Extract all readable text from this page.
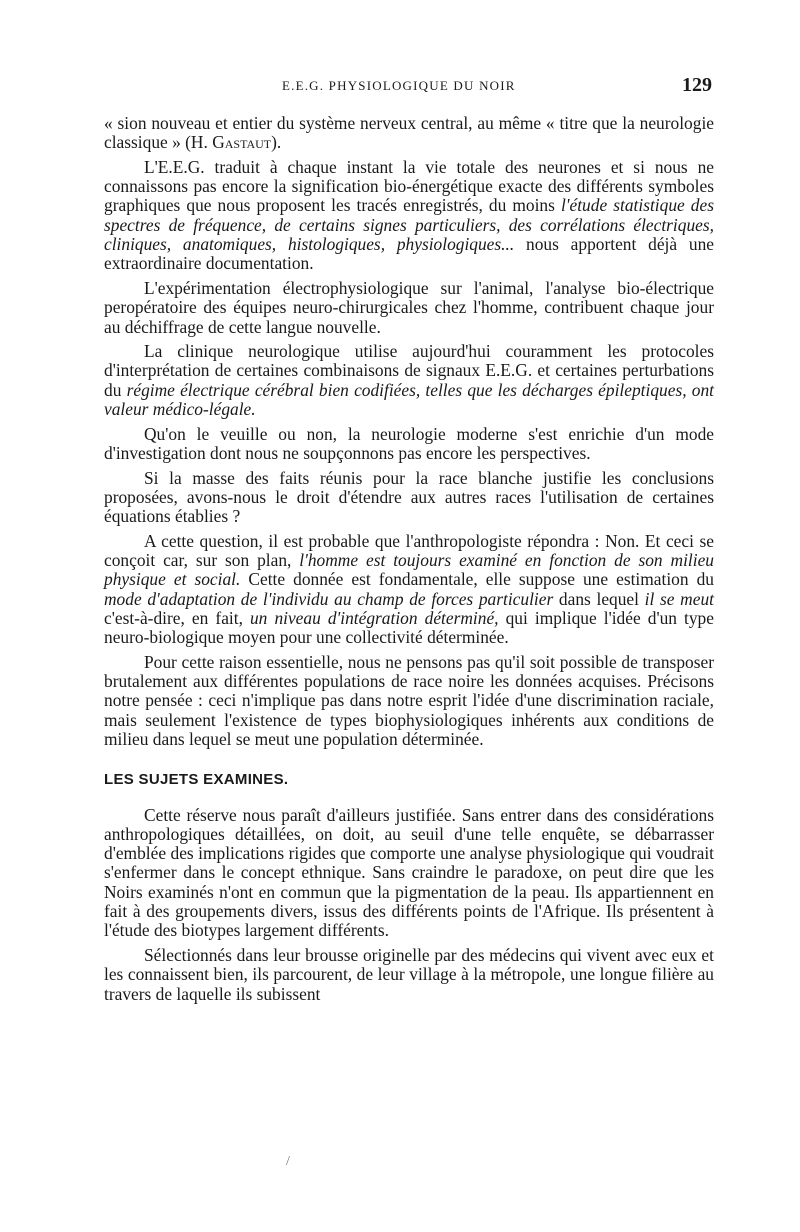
E.E.G. PHYSIOLOGIQUE DU NOIR	129

« sion nouveau et entier du système nerveux central, au même « titre que la neurologie classique » (H. Gastaut).

L'E.E.G. traduit à chaque instant la vie totale des neurones et si nous ne connaissons pas encore la signification bio-énergétique exacte des différents symboles graphiques que nous proposent les tracés enregistrés, du moins l'étude statistique des spectres de fréquence, de certains signes particuliers, des corrélations électriques, cliniques, anatomiques, histologiques, physiologiques... nous apportent déjà une extraordinaire documentation.

L'expérimentation électrophysiologique sur l'animal, l'analyse bio-électrique peropératoire des équipes neuro-chirurgicales chez l'homme, contribuent chaque jour au déchiffrage de cette langue nouvelle.

La clinique neurologique utilise aujourd'hui couramment les protocoles d'interprétation de certaines combinaisons de signaux E.E.G. et certaines perturbations du régime électrique cérébral bien codifiées, telles que les décharges épileptiques, ont valeur médico-légale.

Qu'on le veuille ou non, la neurologie moderne s'est enrichie d'un mode d'investigation dont nous ne soupçonnons pas encore les perspectives.

Si la masse des faits réunis pour la race blanche justifie les conclusions proposées, avons-nous le droit d'étendre aux autres races l'utilisation de certaines équations établies ?

A cette question, il est probable que l'anthropologiste répondra : Non. Et ceci se conçoit car, sur son plan, l'homme est toujours examiné en fonction de son milieu physique et social. Cette donnée est fondamentale, elle suppose une estimation du mode d'adaptation de l'individu au champ de forces particulier dans lequel il se meut c'est-à-dire, en fait, un niveau d'intégration déterminé, qui implique l'idée d'un type neuro-biologique moyen pour une collectivité déterminée.

Pour cette raison essentielle, nous ne pensons pas qu'il soit possible de transposer brutalement aux différentes populations de race noire les données acquises. Précisons notre pensée : ceci n'implique pas dans notre esprit l'idée d'une discrimination raciale, mais seulement l'existence de types biophysiologiques inhérents aux conditions de milieu dans lequel se meut une population déterminée.

LES SUJETS EXAMINES.

Cette réserve nous paraît d'ailleurs justifiée. Sans entrer dans des considérations anthropologiques détaillées, on doit, au seuil d'une telle enquête, se débarrasser d'emblée des implications rigides que comporte une analyse physiologique qui voudrait s'enfermer dans le concept ethnique. Sans craindre le paradoxe, on peut dire que les Noirs examinés n'ont en commun que la pigmentation de la peau. Ils appartiennent en fait à des groupements divers, issus des différents points de l'Afrique. Ils présentent à l'étude des biotypes largement différents.

Sélectionnés dans leur brousse originelle par des médecins qui vivent avec eux et les connaissent bien, ils parcourent, de leur village à la métropole, une longue filière au travers de laquelle ils subissent

/
